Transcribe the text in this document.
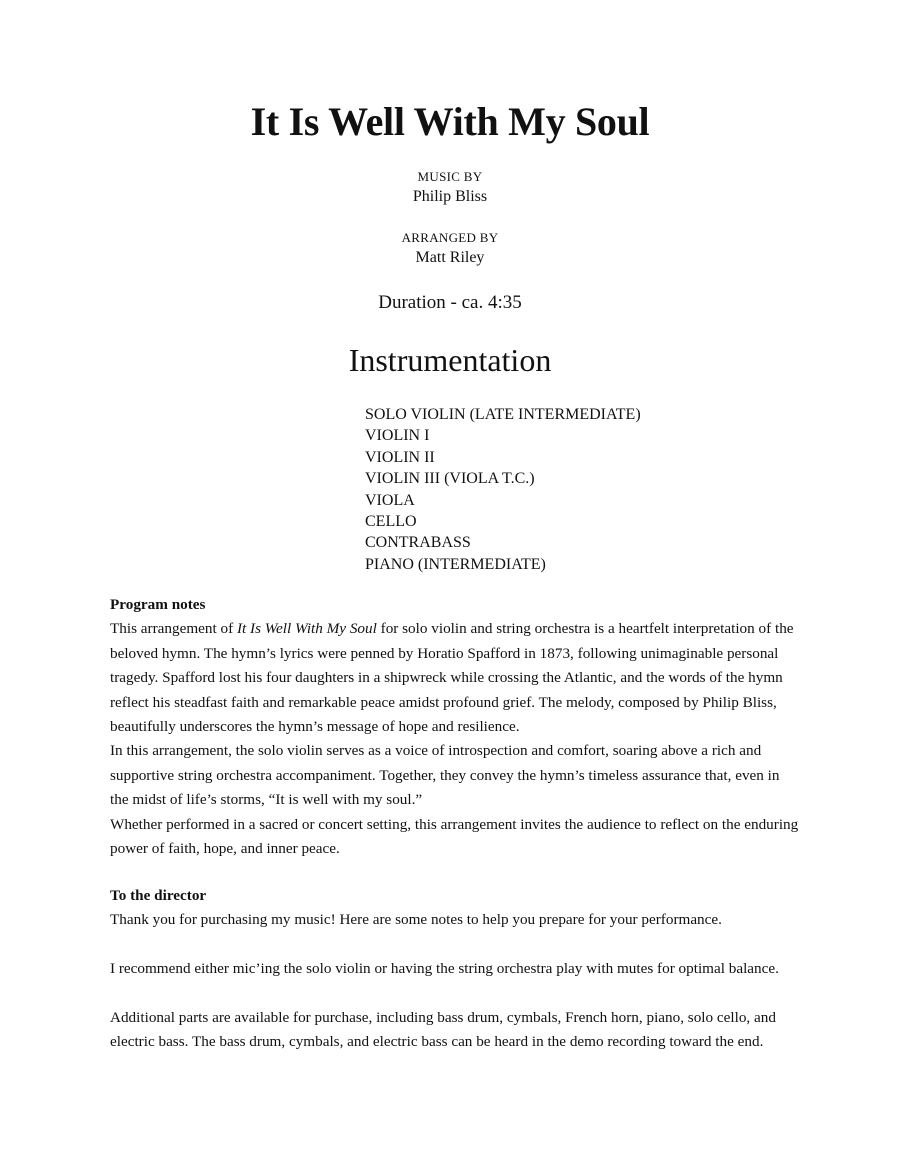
It Is Well With My Soul
MUSIC BY
Philip Bliss
ARRANGED BY
Matt Riley
Duration - ca. 4:35
Instrumentation
SOLO VIOLIN (LATE INTERMEDIATE)
VIOLIN I
VIOLIN II
VIOLIN III (VIOLA T.C.)
VIOLA
CELLO
CONTRABASS
PIANO (INTERMEDIATE)
Program notes

This arrangement of It Is Well With My Soul for solo violin and string orchestra is a heartfelt interpretation of the beloved hymn. The hymn’s lyrics were penned by Horatio Spafford in 1873, following unimaginable personal tragedy. Spafford lost his four daughters in a shipwreck while crossing the Atlantic, and the words of the hymn reflect his steadfast faith and remarkable peace amidst profound grief. The melody, composed by Philip Bliss, beautifully underscores the hymn’s message of hope and resilience.

In this arrangement, the solo violin serves as a voice of introspection and comfort, soaring above a rich and supportive string orchestra accompaniment. Together, they convey the hymn’s timeless assurance that, even in the midst of life’s storms, “It is well with my soul.”

Whether performed in a sacred or concert setting, this arrangement invites the audience to reflect on the enduring power of faith, hope, and inner peace.

To the director

Thank you for purchasing my music! Here are some notes to help you prepare for your performance.

I recommend either mic’ing the solo violin or having the string orchestra play with mutes for optimal balance.

Additional parts are available for purchase, including bass drum, cymbals, French horn, piano, solo cello, and electric bass. The bass drum, cymbals, and electric bass can be heard in the demo recording toward the end.
